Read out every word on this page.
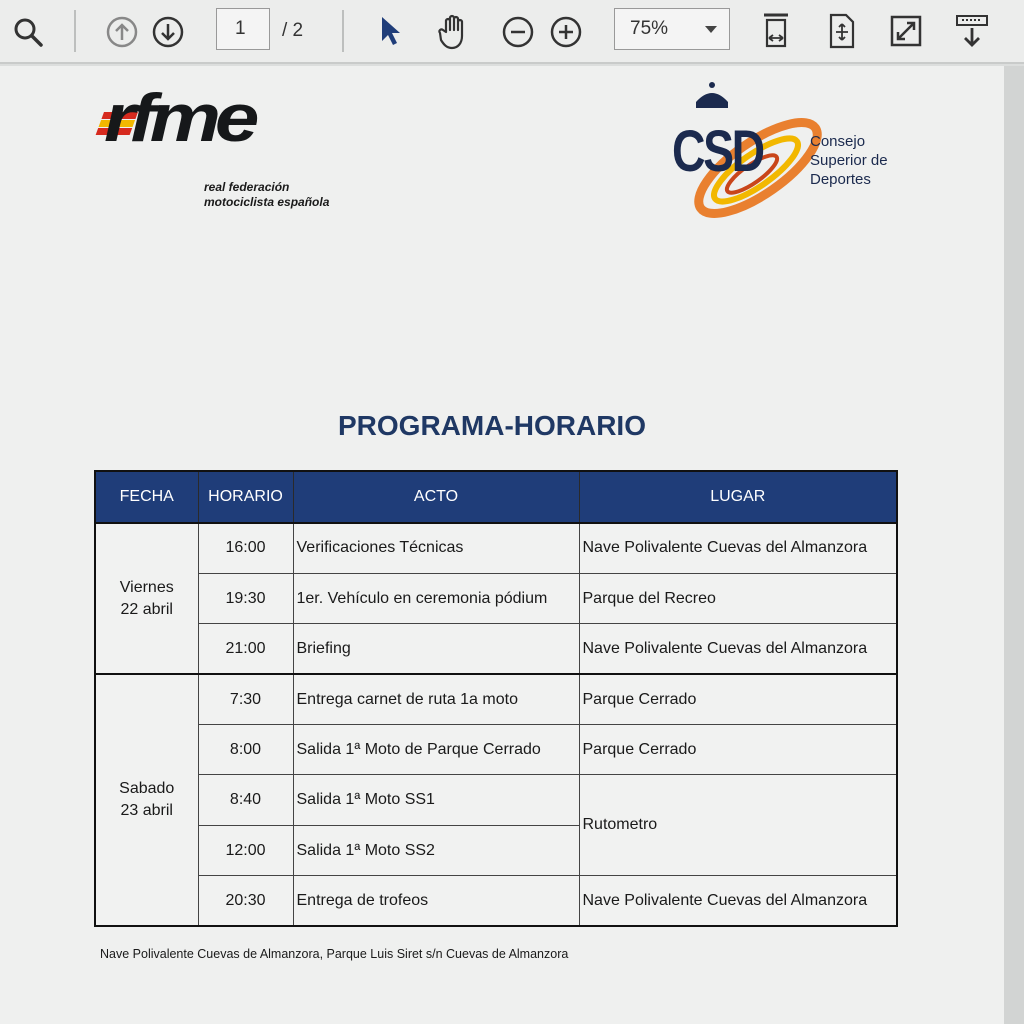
1	/ 2	75%
rfme
real federación
motociclista española
CSD	Consejo
Superior de
Deportes
PROGRAMA-HORARIO
FECHA	HORARIO	ACTO	LUGAR

Viernes
22 abril	16:00	Verificaciones Técnicas	Nave Polivalente Cuevas del Almanzora
	19:30	1er. Vehículo en ceremonia pódium	Parque del Recreo
	21:00	Briefing	Nave Polivalente Cuevas del Almanzora

Sabado
23 abril	7:30	Entrega carnet de ruta 1a moto	Parque Cerrado
	8:00	Salida 1ª Moto de Parque Cerrado	Parque Cerrado
	8:40	Salida 1ª Moto SS1	Rutometro
	12:00	Salida 1ª Moto SS2	
	20:30	Entrega de trofeos	Nave Polivalente Cuevas del Almanzora
Nave Polivalente Cuevas de Almanzora, Parque Luis Siret s/n Cuevas de Almanzora
